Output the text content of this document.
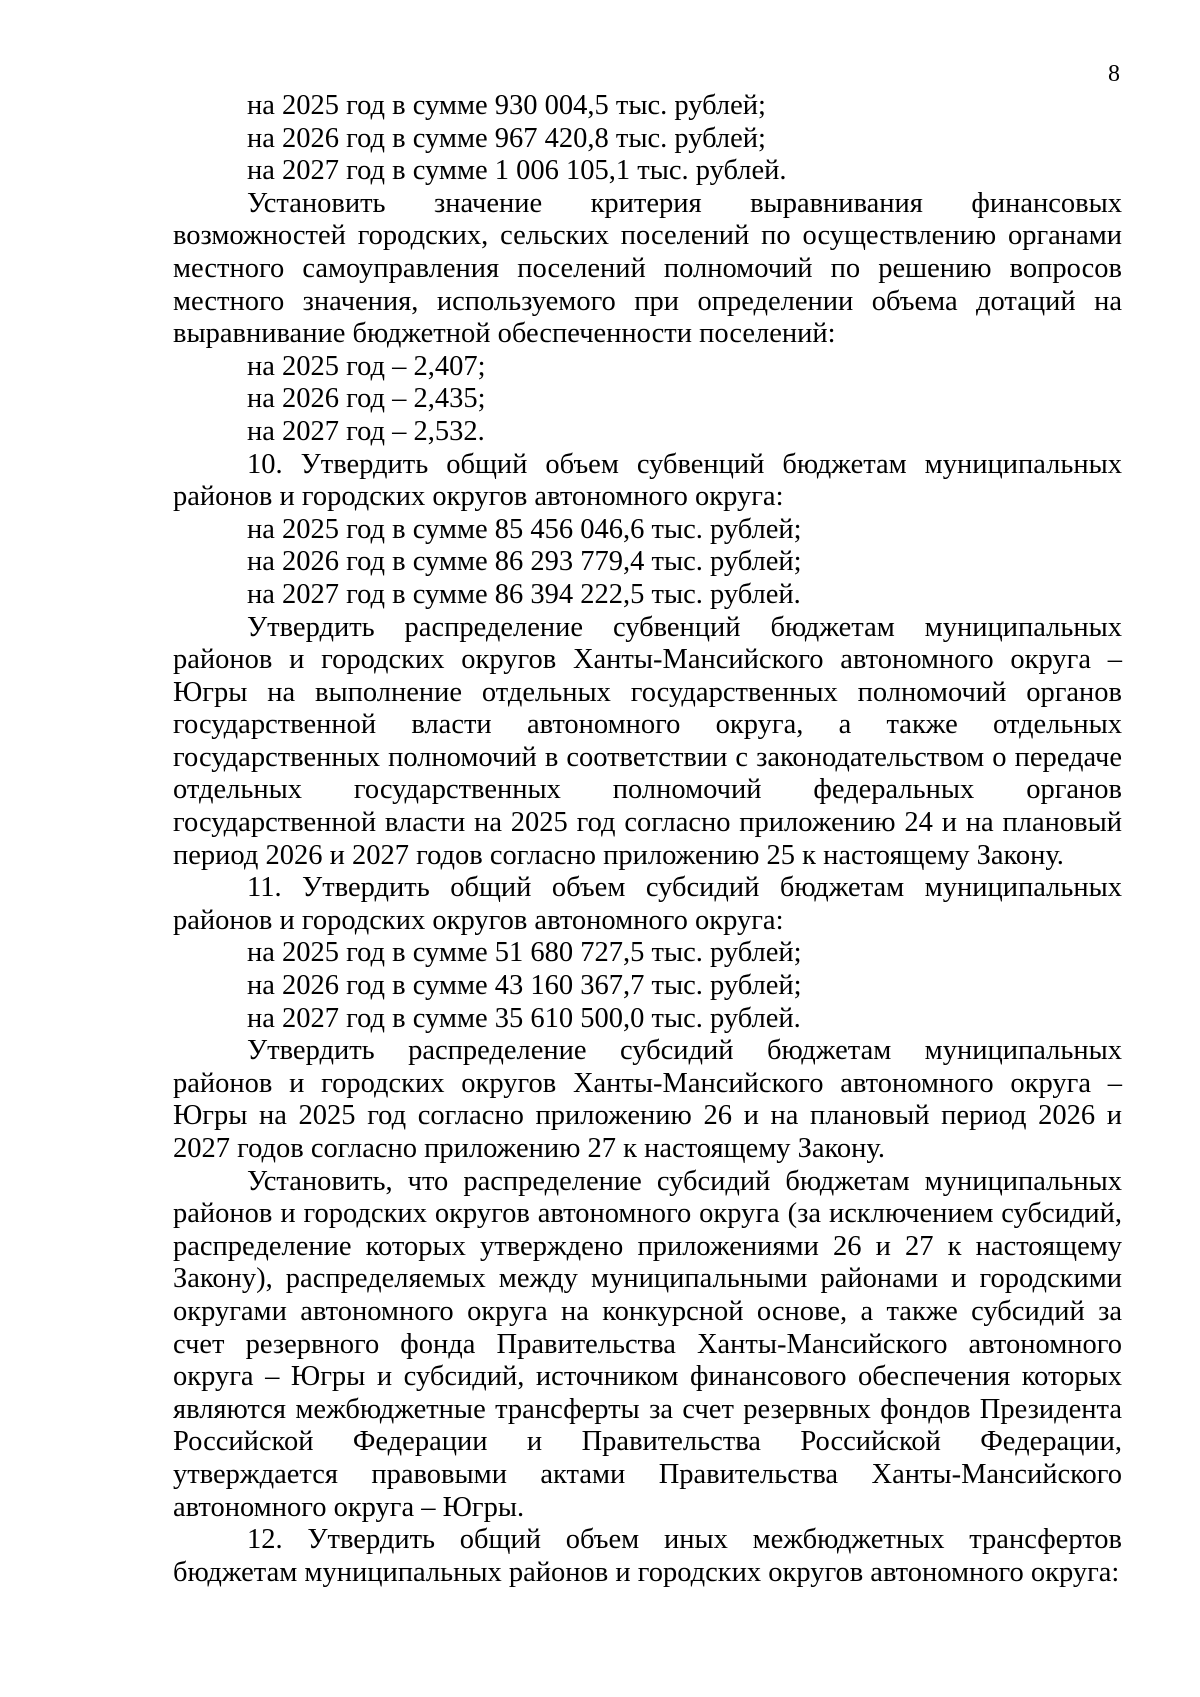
8

на 2025 год в сумме 930 004,5 тыс. рублей;

на 2026 год в сумме 967 420,8 тыс. рублей;

на 2027 год в сумме 1 006 105,1 тыс. рублей.

Установить значение критерия выравнивания финансовых возможностей городских, сельских поселений по осуществлению органами местного самоуправления поселений полномочий по решению вопросов местного значения, используемого при определении объема дотаций на выравнивание бюджетной обеспеченности поселений:

на 2025 год – 2,407;

на 2026 год – 2,435;

на 2027 год – 2,532.

10. Утвердить общий объем субвенций бюджетам муниципальных районов и городских округов автономного округа:

на 2025 год в сумме 85 456 046,6 тыс. рублей;

на 2026 год в сумме 86 293 779,4 тыс. рублей;

на 2027 год в сумме 86 394 222,5 тыс. рублей.

Утвердить распределение субвенций бюджетам муниципальных районов и городских округов Ханты-Мансийского автономного округа – Югры на выполнение отдельных государственных полномочий органов государственной власти автономного округа, а также отдельных государственных полномочий в соответствии с законодательством о передаче отдельных государственных полномочий федеральных органов государственной власти на 2025 год согласно приложению 24 и на плановый период 2026 и 2027 годов согласно приложению 25 к настоящему Закону.

11. Утвердить общий объем субсидий бюджетам муниципальных районов и городских округов автономного округа:

на 2025 год в сумме 51 680 727,5 тыс. рублей;

на 2026 год в сумме 43 160 367,7 тыс. рублей;

на 2027 год в сумме 35 610 500,0 тыс. рублей.

Утвердить распределение субсидий бюджетам муниципальных районов и городских округов Ханты-Мансийского автономного округа – Югры на 2025 год согласно приложению 26 и на плановый период 2026 и 2027 годов согласно приложению 27 к настоящему Закону.

Установить, что распределение субсидий бюджетам муниципальных районов и городских округов автономного округа (за исключением субсидий, распределение которых утверждено приложениями 26 и 27 к настоящему Закону), распределяемых между муниципальными районами и городскими округами автономного округа на конкурсной основе, а также субсидий за счет резервного фонда Правительства Ханты-Мансийского автономного округа – Югры и субсидий, источником финансового обеспечения которых являются межбюджетные трансферты за счет резервных фондов Президента Российской Федерации и Правительства Российской Федерации, утверждается правовыми актами Правительства Ханты-Мансийского автономного округа – Югры.

12. Утвердить общий объем иных межбюджетных трансфертов бюджетам муниципальных районов и городских округов автономного округа:
